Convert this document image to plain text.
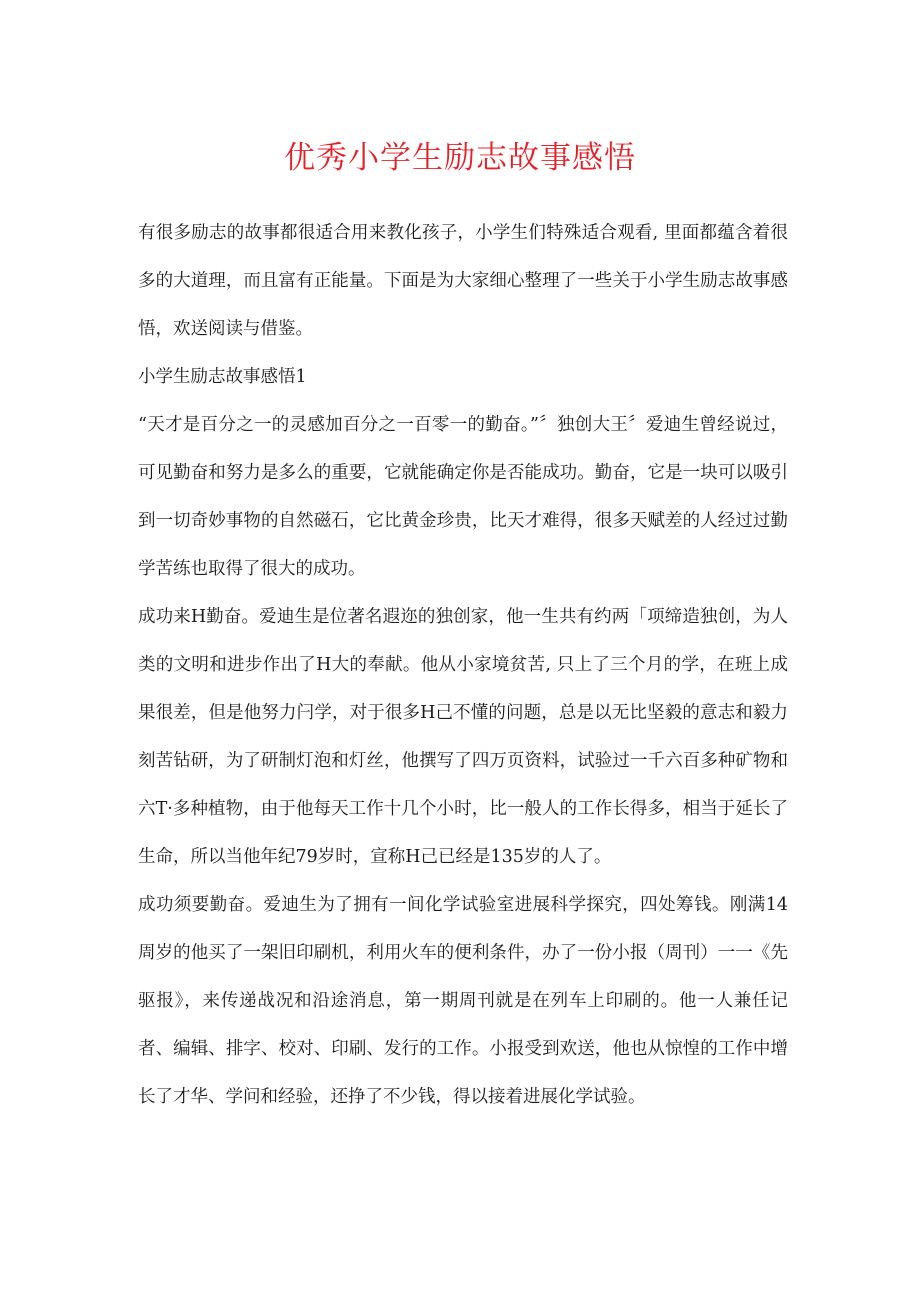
优秀小学生励志故事感悟

有很多励志的故事都很适合用来教化孩子，小学生们特殊适合观看, 里面都蕴含着很多的大道理，而且富有正能量。下面是为大家细心整理了一些关于小学生励志故事感悟，欢送阅读与借鉴。

小学生励志故事感悟1

“天才是百分之一的灵感加百分之一百零一的勤奋。”〞独创大王〞爱迪生曾经说过，可见勤奋和努力是多么的重要，它就能确定你是否能成功。勤奋，它是一块可以吸引到一切奇妙事物的自然磁石，它比黄金珍贵，比天才难得，很多天赋差的人经过过勤学苦练也取得了很大的成功。

成功来H勤奋。爱迪生是位著名遐迩的独创家，他一生共有约两「项缔造独创，为人类的文明和进步作出了H大的奉献。他从小家境贫苦, 只上了三个月的学，在班上成果很差，但是他努力闩学，对于很多H己不懂的问题，总是以无比坚毅的意志和毅力刻苦钻研，为了研制灯泡和灯丝，他撰写了四万页资料，试验过一千六百多种矿物和六T·多种植物，由于他每天工作十几个小时，比一般人的工作长得多，相当于延长了生命，所以当他年纪79岁时，宣称H己已经是135岁的人了。

成功须要勤奋。爱迪生为了拥有一间化学试验室进展科学探究，四处筹钱。刚满14周岁的他买了一架旧印刷机，利用火车的便利条件，办了一份小报（周刊）一一《先驱报》，来传递战况和沿途消息，第一期周刊就是在列车上印刷的。他一人兼任记者、编辑、排字、校对、印刷、发行的工作。小报受到欢送，他也从惊惶的工作中增长了才华、学问和经验，还挣了不少钱，得以接着进展化学试验。
